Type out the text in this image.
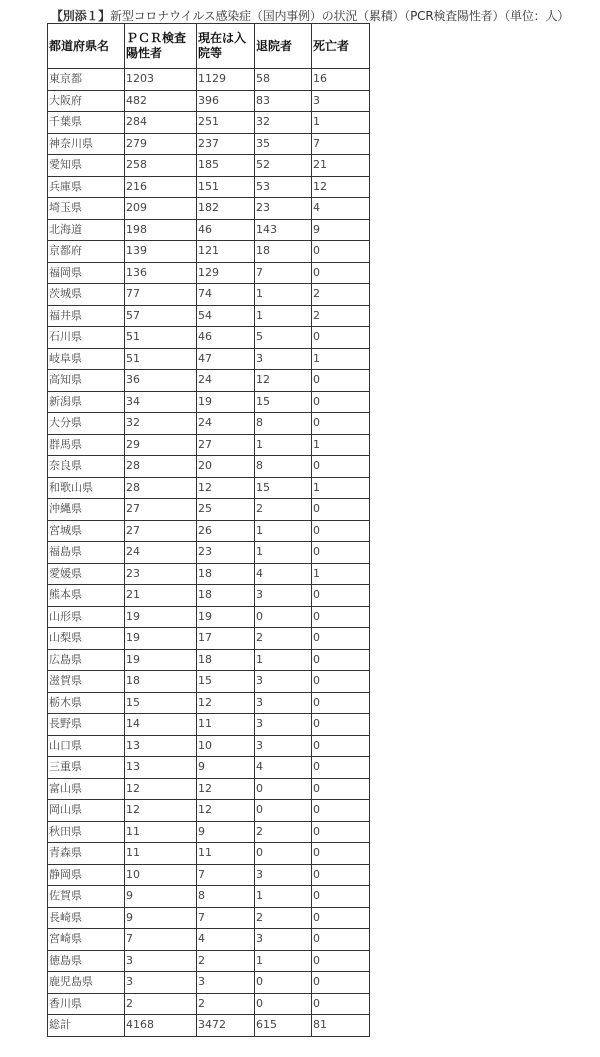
【別添１】新型コロナウイルス感染症（国内事例）の状況（累積）（PCR検査陽性者）（単位：人）
都道府県名	ＰＣＲ検査陽性者	現在は入院等	退院者	死亡者
東京都	1203	1129	58	16
大阪府	482	396	83	3
千葉県	284	251	32	1
神奈川県	279	237	35	7
愛知県	258	185	52	21
兵庫県	216	151	53	12
埼玉県	209	182	23	4
北海道	198	46	143	9
京都府	139	121	18	0
福岡県	136	129	7	0
茨城県	77	74	1	2
福井県	57	54	1	2
石川県	51	46	5	0
岐阜県	51	47	3	1
高知県	36	24	12	0
新潟県	34	19	15	0
大分県	32	24	8	0
群馬県	29	27	1	1
奈良県	28	20	8	0
和歌山県	28	12	15	1
沖縄県	27	25	2	0
宮城県	27	26	1	0
福島県	24	23	1	0
愛媛県	23	18	4	1
熊本県	21	18	3	0
山形県	19	19	0	0
山梨県	19	17	2	0
広島県	19	18	1	0
滋賀県	18	15	3	0
栃木県	15	12	3	0
長野県	14	11	3	0
山口県	13	10	3	0
三重県	13	9	4	0
富山県	12	12	0	0
岡山県	12	12	0	0
秋田県	11	9	2	0
青森県	11	11	0	0
静岡県	10	7	3	0
佐賀県	9	8	1	0
長崎県	9	7	2	0
宮崎県	7	4	3	0
徳島県	3	2	1	0
鹿児島県	3	3	0	0
香川県	2	2	0	0
総計	4168	3472	615	81
